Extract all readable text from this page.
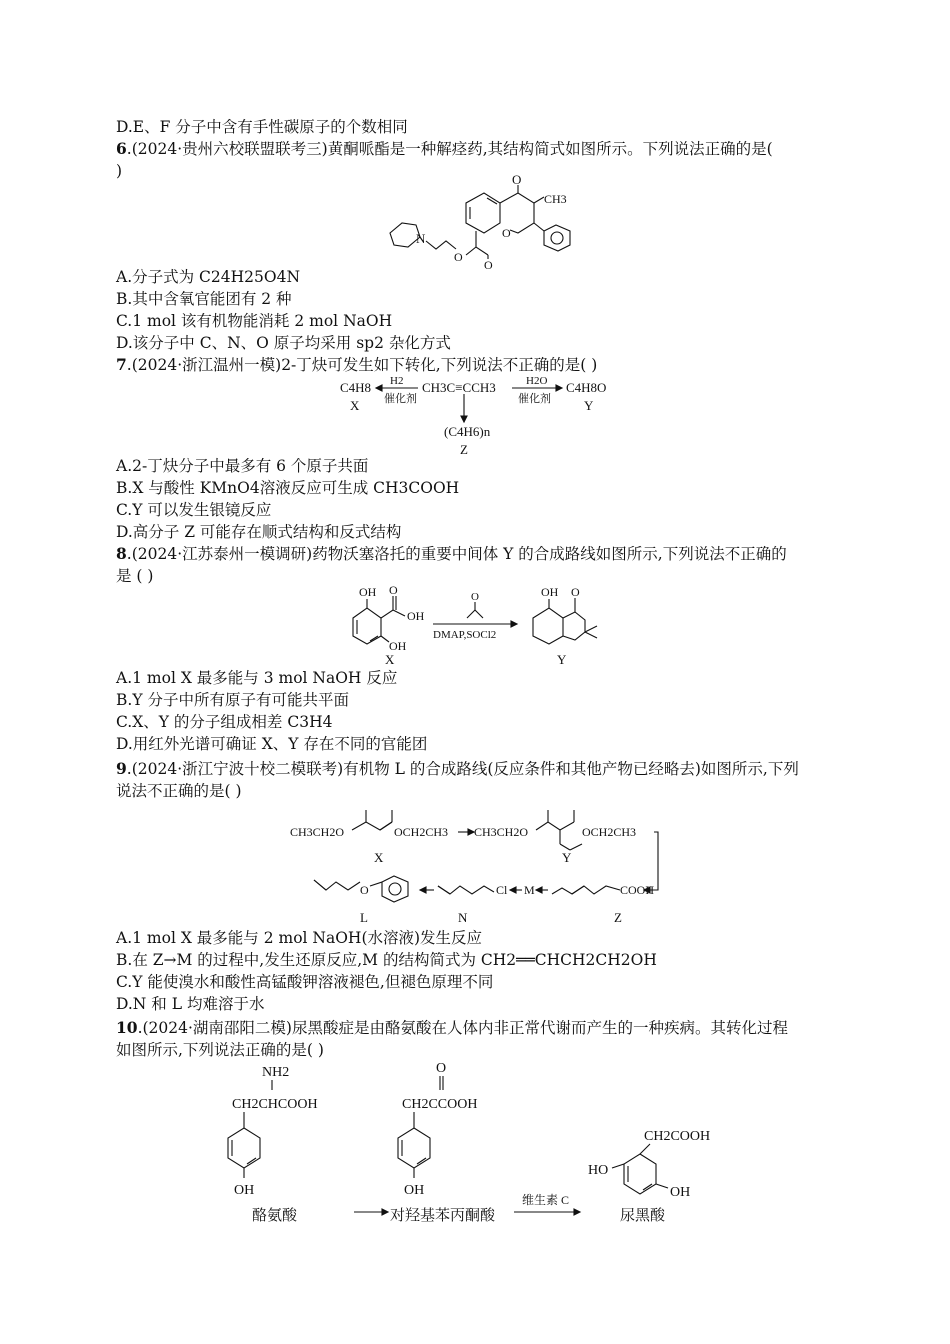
D.E、F 分子中含有手性碳原子的个数相同
6.(2024·贵州六校联盟联考三)黄酮哌酯是一种解痉药,其结构简式如图所示。下列说法正确的是(
)
N
O
O
O
O
CH3
A.分子式为 C24H25O4N
B.其中含氧官能团有 2 种
C.1 mol 该有机物能消耗 2 mol NaOH
D.该分子中 C、N、O 原子均采用 sp2 杂化方式
7.(2024·浙江温州一模)2-丁炔可发生如下转化,下列说法不正确的是( )
C4H8
X
H2
催化剂
CH3C≡CCH3	H2O
催化剂
C4H8O
Y
(C4H6)n
Z
A.2-丁炔分子中最多有 6 个原子共面
B.X 与酸性 KMnO4溶液反应可生成 CH3COOH
C.Y 可以发生银镜反应
D.高分子 Z 可能存在顺式结构和反式结构
8.(2024·江苏泰州一模调研)药物沃塞洛托的重要中间体 Y 的合成路线如图所示,下列说法不正确的
是 ( )
OH O
OH
OH
X
O
DMAP,SOCl2
OH O
Y
A.1 mol X 最多能与 3 mol NaOH 反应
B.Y 分子中所有原子有可能共平面
C.X、Y 的分子组成相差 C3H4
D.用红外光谱可确证 X、Y 存在不同的官能团
9.(2024·浙江宁波十校二模联考)有机物 L 的合成路线(反应条件和其他产物已经略去)如图所示,下列
说法不正确的是( )
CH3CH2O	OCH2CH3
X
CH3CH2O	OCH2CH3
Y
COOH
Z
M
Cl
N
O
L
A.1 mol X 最多能与 2 mol NaOH(水溶液)发生反应
B.在 Z→M 的过程中,发生还原反应,M 的结构简式为 CH2══CHCH2CH2OH
C.Y 能使溴水和酸性高锰酸钾溶液褪色,但褪色原理不同
D.N 和 L 均难溶于水
10.(2024·湖南邵阳二模)尿黑酸症是由酪氨酸在人体内非正常代谢而产生的一种疾病。其转化过程
如图所示,下列说法正确的是( )
NH2
CH2CHCOOH
OH
酪氨酸
O
CH2CCOOH
OH
对羟基苯丙酮酸
维生素 C
CH2COOH
HO
OH
尿黑酸
